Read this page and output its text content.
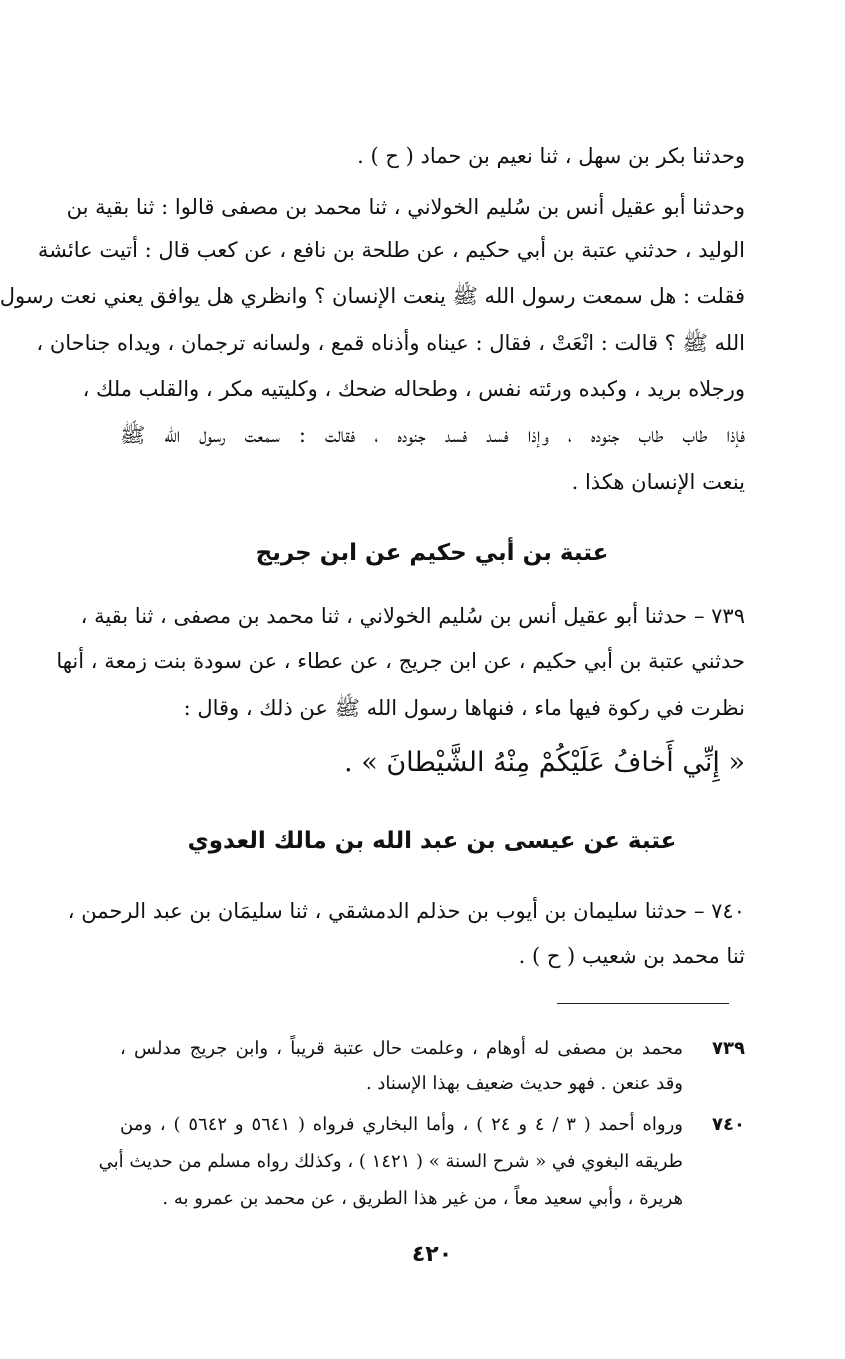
وحدثنا بكر بن سهل ، ثنا نعيم بن حماد ( ح ) .
وحدثنا أبو عقيل أنس بن سُليم الخولاني ، ثنا محمد بن مصفى قالوا : ثنا بقية بن
الوليد ، حدثني عتبة بن أبي حكيم ، عن طلحة بن نافع ، عن كعب قال : أتيت عائشة
فقلت : هل سمعت رسول الله ﷺ ينعت الإنسان ؟ وانظري هل يوافق يعني نعت رسول
الله ﷺ ؟ قالت : انْعَتْ ، فقال : عيناه وأذناه قمع ، ولسانه ترجمان ، ويداه جناحان ،
ورجلاه بريد ، وكبده ورئته نفس ، وطحاله ضحك ، وكليتيه مكر ، والقلب ملك ،
فإذا طاب طاب جنوده ، وإذا فسد فسد جنوده ، فقالت : سمعت رسول الله ﷺ
ينعت الإنسان هكذا .
عتبة بن أبي حكيم عن ابن جريج
٧٣٩ – حدثنا أبو عقيل أنس بن سُليم الخولاني ، ثنا محمد بن مصفى ، ثنا بقية ،
حدثني عتبة بن أبي حكيم ، عن ابن جريج ، عن عطاء ، عن سودة بنت زمعة ، أنها
نظرت في ركوة فيها ماء ، فنهاها رسول الله ﷺ عن ذلك ، وقال :
« إِنِّي أَخافُ عَلَيْكُمْ مِنْهُ الشَّيْطانَ » .
عتبة عن عيسى بن عبد الله بن مالك العدوي
٧٤٠ – حدثنا سليمان بن أيوب بن حذلم الدمشقي ، ثنا سليمَان بن عبد الرحمن ،
ثنا محمد بن شعيب ( ح ) .
٧٣٩
محمد بن مصفى له أوهام ، وعلمت حال عتبة قريباً ، وابن جريج مدلس ،
وقد عنعن . فهو حديث ضعيف بهذا الإسناد .
٧٤٠
ورواه أحمد ( ٣ / ٤ و ٢٤ ) ، وأما البخاري فرواه ( ٥٦٤١ و ٥٦٤٢ ) ، ومن
طريقه البغوي في « شرح السنة » ( ١٤٢١ ) ، وكذلك رواه مسلم من حديث أبي
هريرة ، وأبي سعيد معاً ، من غير هذا الطريق ، عن محمد بن عمرو به .
٤٢٠
